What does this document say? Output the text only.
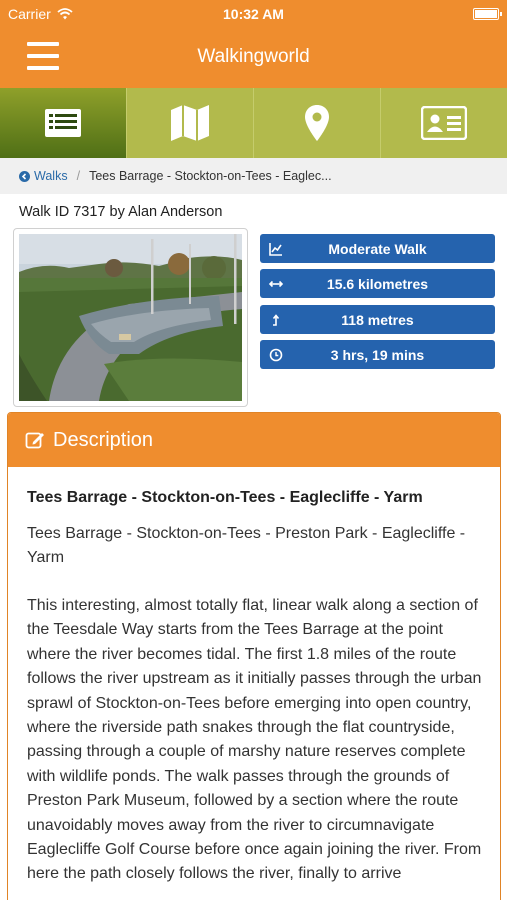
Carrier	10:32 AM
Walkingworld
Walks / Tees Barrage - Stockton-on-Tees - Eaglec...
Walk ID 7317 by Alan Anderson
Moderate Walk
15.6 kilometres
118 metres
3 hrs, 19 mins
Description
Tees Barrage - Stockton-on-Tees - Eaglecliffe - Yarm
Tees Barrage - Stockton-on-Tees - Preston Park - Eaglecliffe - Yarm
This interesting, almost totally flat, linear walk along a section of the Teesdale Way starts from the Tees Barrage at the point where the river becomes tidal. The first 1.8 miles of the route follows the river upstream as it initially passes through the urban sprawl of Stockton-on-Tees before emerging into open country, where the riverside path snakes through the flat countryside, passing through a couple of marshy nature reserves complete with wildlife ponds. The walk passes through the grounds of Preston Park Museum, followed by a section where the route unavoidably moves away from the river to circumnavigate Eaglecliffe Golf Course before once again joining the river. From here the path closely follows the river, finally to arrive
